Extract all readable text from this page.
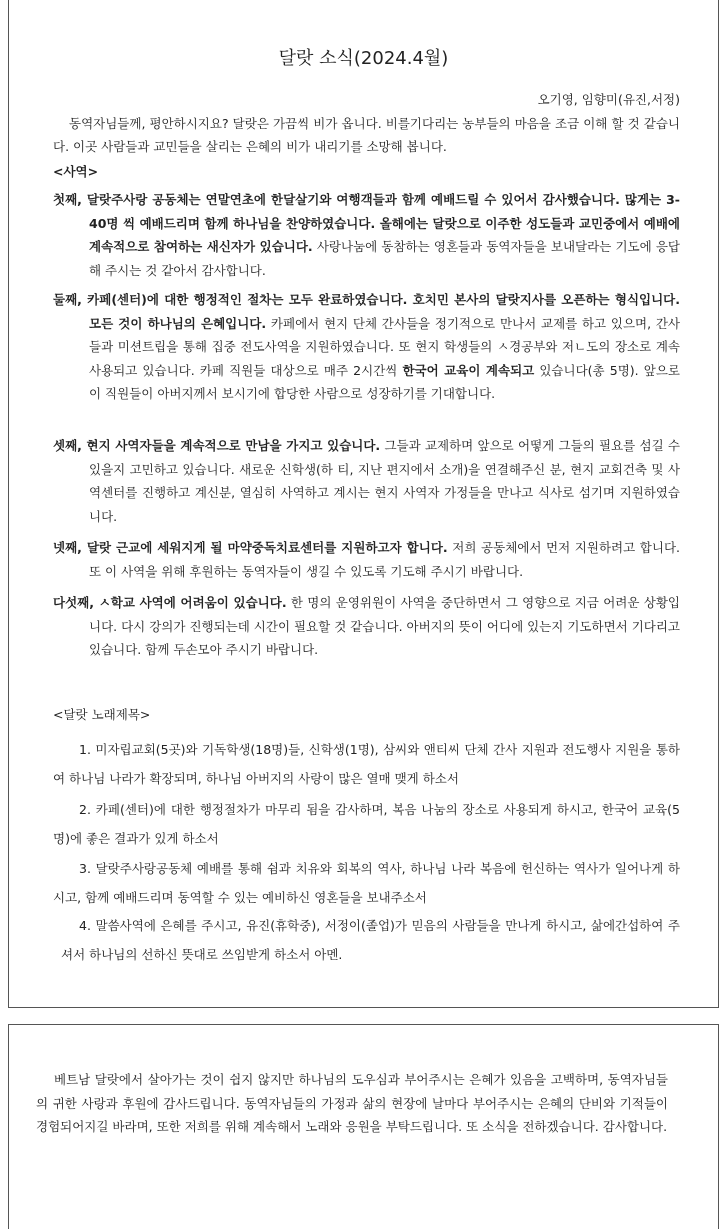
달랏 소식(2024.4월)
오기영, 임향미(유진,서정)
동역자님들께, 평안하시지요? 달랏은 가끔씩 비가 옵니다. 비를기다리는 농부들의 마음을 조금 이해 할 것 같습니다. 이곳 사람들과 교민들을 살리는 은혜의 비가 내리기를 소망해 봅니다.
<사역>
첫째, 달랏주사랑 공동체는 연말연초에 한달살기와 여행객들과 함께 예배드릴 수 있어서 감사했습니다. 많게는 3-40명 씩 예배드리며 함께 하나님을 찬양하였습니다. 올해에는 달랏으로 이주한 성도들과 교민중에서 예배에 계속적으로 참여하는 새신자가 있습니다. 사랑나눔에 동참하는 영혼들과 동역자들을 보내달라는 기도에 응답해 주시는 것 같아서 감사합니다.
둘째, 카페(센터)에 대한 행정적인 절차는 모두 완료하였습니다. 호치민 본사의 달랏지사를 오픈하는 형식입니다. 모든 것이 하나님의 은혜입니다. 카페에서 현지 단체 간사들을 정기적으로 만나서 교제를 하고 있으며, 간사들과 미션트립을 통해 집중 전도사역을 지원하였습니다. 또 현지 학생들의 ㅅ경공부와 저ㄴ도의 장소로 계속 사용되고 있습니다. 카페 직원들 대상으로 매주 2시간씩 한국어 교육이 계속되고 있습니다(총 5명). 앞으로 이 직원들이 아버지께서 보시기에 합당한 사람으로 성장하기를 기대합니다.
셋째, 현지 사역자들을 계속적으로 만남을 가지고 있습니다. 그들과 교제하며 앞으로 어떻게 그들의 필요를 섬길 수 있을지 고민하고 있습니다. 새로운 신학생(하 티, 지난 편지에서 소개)을 연결해주신 분, 현지 교회건축 및 사역센터를 진행하고 계신분, 열심히 사역하고 계시는 현지 사역자 가정들을 만나고 식사로 섬기며 지원하였습니다.
넷째, 달랏 근교에 세워지게 될 마약중독치료센터를 지원하고자 합니다. 저희 공동체에서 먼저 지원하려고 합니다. 또 이 사역을 위해 후원하는 동역자들이 생길 수 있도록 기도해 주시기 바랍니다.
다섯째, ㅅ학교 사역에 어려움이 있습니다. 한 명의 운영위원이 사역을 중단하면서 그 영향으로 지금 어려운 상황입니다. 다시 강의가 진행되는데 시간이 필요할 것 같습니다. 아버지의 뜻이 어디에 있는지 기도하면서 기다리고 있습니다. 함께 두손모아 주시기 바랍니다.
<달랏 노래제목>
1. 미자립교회(5곳)와 기독학생(18명)들, 신학생(1명), 삼씨와 앤티씨 단체 간사 지원과 전도행사 지원을 통하여 하나님 나라가 확장되며, 하나님 아버지의 사랑이 많은 열매 맺게 하소서
2. 카페(센터)에 대한 행정절차가 마무리 됨을 감사하며, 복음 나눔의 장소로 사용되게 하시고, 한국어 교육(5명)에 좋은 결과가 있게 하소서
3. 달랏주사랑공동체 예배를 통해 쉼과 치유와 회복의 역사, 하나님 나라 복음에 헌신하는 역사가 일어나게 하시고, 함께 예배드리며 동역할 수 있는 예비하신 영혼들을 보내주소서
4. 말씀사역에 은혜를 주시고, 유진(휴학중), 서정이(졸업)가 믿음의 사람들을 만나게 하시고, 삶에간섭하여 주셔서 하나님의 선하신 뜻대로 쓰임받게 하소서 아멘.
베트남 달랏에서 살아가는 것이 쉽지 않지만 하나님의 도우심과 부어주시는 은혜가 있음을 고백하며, 동역자님들의 귀한 사랑과 후원에 감사드립니다. 동역자님들의 가정과 삶의 현장에 날마다 부어주시는 은혜의 단비와 기적들이 경험되어지길 바라며, 또한 저희를 위해 계속해서 노래와 응원을 부탁드립니다. 또 소식을 전하겠습니다. 감사합니다.
